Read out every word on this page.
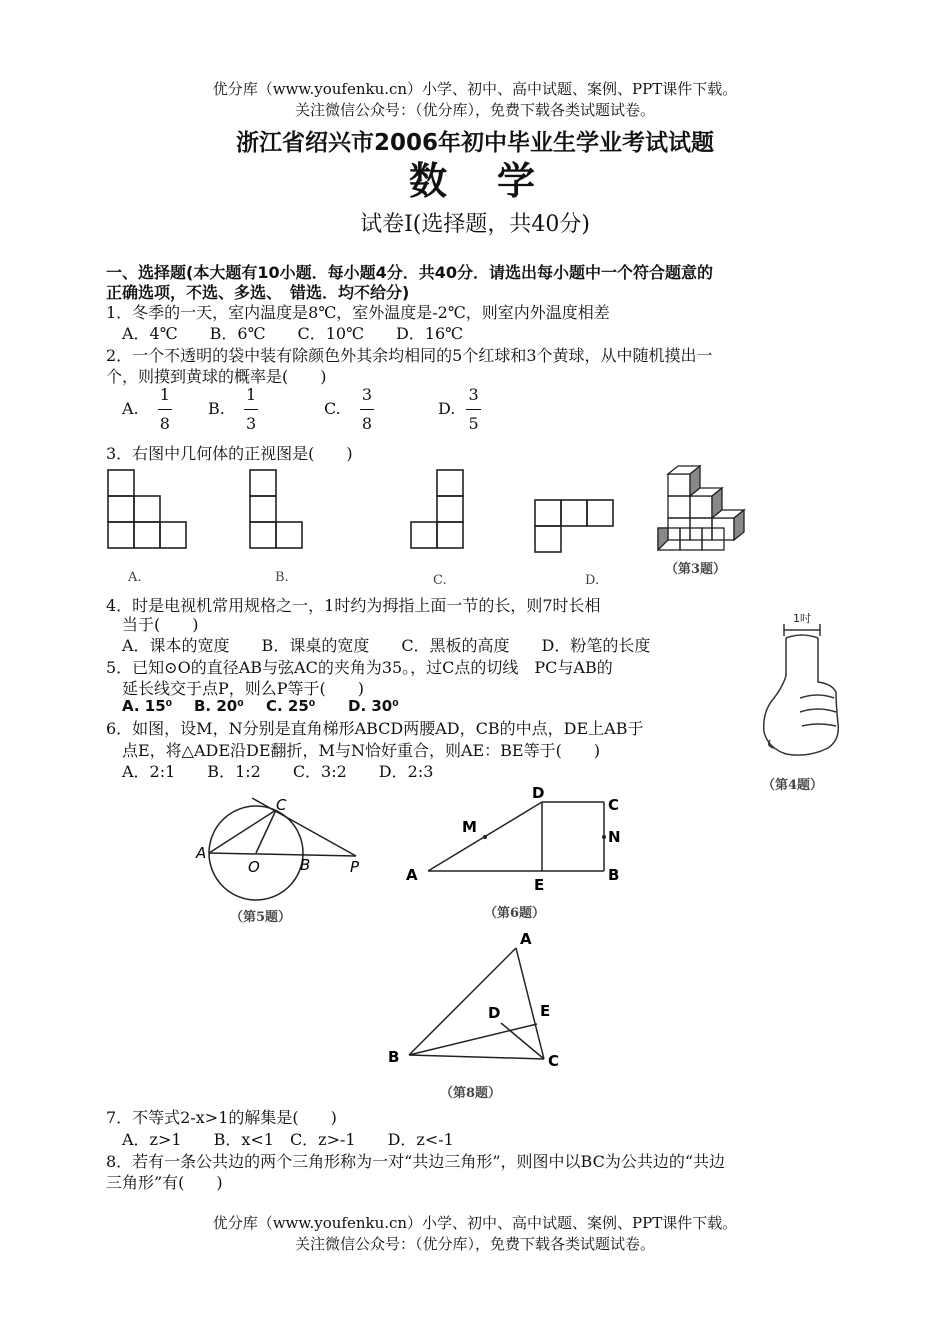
优分库（www.youfenku.cn）小学、初中、高中试题、案例、PPT课件下载。
关注微信公众号：（优分库），免费下载各类试题试卷。
浙江省绍兴市2006年初中毕业生学业考试试题
数　学
试卷Ⅰ(选择题，共40分)
一、选择题(本大题有10小题．每小题4分．共40分．请选出每小题中一个符合题意的
正确选项，不选、多选、　错选．均不给分)
1．冬季的一天，室内温度是8℃，室外温度是-2℃，则室内外温度相差
A．4℃　　B．6℃　　C．10℃　　D．16℃
2．一个不透明的袋中装有除颜色外其余均相同的5个红球和3个黄球，从中随机摸出一
个，则摸到黄球的概率是(　　)
A. $\frac{1}{8} B$. $\frac{1}{3}$	C. $\frac{3}{8}$	D. $\frac{3}{5}$
3．右图中几何体的正视图是(　　)
A.	B.	C.	D.
（第3题）
4．时是电视机常用规格之一，1时约为拇指上面一节的长，则7时长相
当于(　　)
A．课本的宽度　　B．课桌的宽度　　C．黑板的高度　　D．粉笔的长度
1吋
（第4题）
5．已知⊙O的直径AB与弦AC的夹角为35。，过C点的切线　PC与AB的
延长线交于点P，则么P等于(　　)
A. 15⁰ B. 20⁰ C. 25⁰ D. 30⁰
6．如图，设M，N分别是直角梯形ABCD两腰AD，CB的中点，DE上AB于
点E，将△ADE沿DE翻折，M与N恰好重合，则AE：BE等于(　　)
A．2:1　　B．1:2　　C．3:2　　D．2:3
A
O	B	P
C
（第5题）
D
C
M
N
A
E
B
（第6题）
A
D	E
B	C
（第8题）
7．不等式2-x>1的解集是(　　)
A．z>1　　B．x<1　C．z>-1　　D．z<-1
8．若有一条公共边的两个三角形称为一对“共边三角形”，则图中以BC为公共边的“共边
三角形”有(　　)
优分库（www.youfenku.cn）小学、初中、高中试题、案例、PPT课件下载。
关注微信公众号：（优分库），免费下载各类试题试卷。
